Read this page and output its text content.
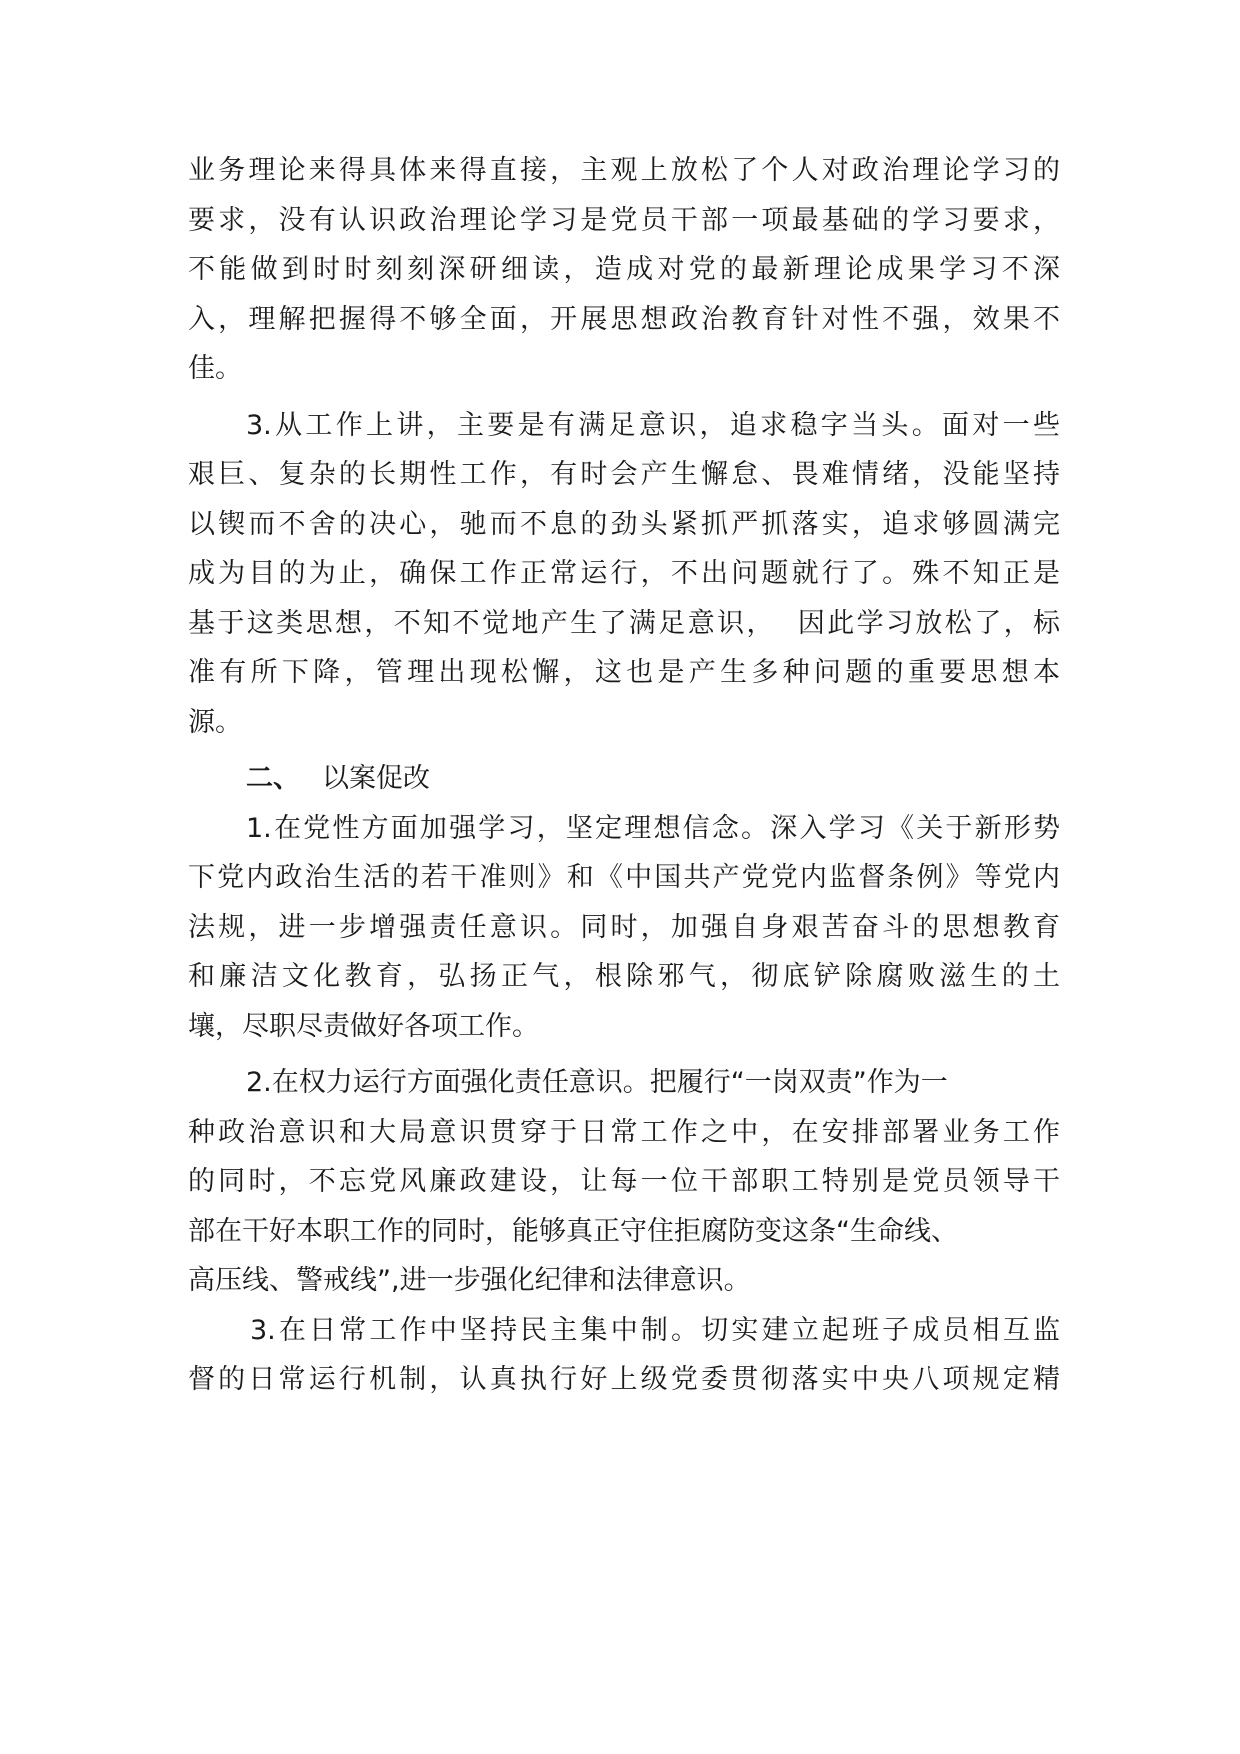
业务理论来得具体来得直接，主观上放松了个人对政治理论学习的
要求，没有认识政治理论学习是党员干部一项最基础的学习要求，
不能做到时时刻刻深研细读，造成对党的最新理论成果学习不深
入，理解把握得不够全面，开展思想政治教育针对性不强，效果不
佳。
3.从工作上讲，主要是有满足意识，追求稳字当头。面对一些
艰巨、复杂的长期性工作，有时会产生懈怠、畏难情绪，没能坚持
以锲而不舍的决心，驰而不息的劲头紧抓严抓落实，追求够圆满完
成为目的为止，确保工作正常运行，不出问题就行了。殊不知正是
基于这类思想，不知不觉地产生了满足意识，  因此学习放松了，标
准有所下降，管理出现松懈，这也是产生多种问题的重要思想本
源。
二、 以案促改
1.在党性方面加强学习，坚定理想信念。深入学习《关于新形势
下党内政治生活的若干准则》和《中国共产党党内监督条例》等党内
法规，进一步增强责任意识。同时，加强自身艰苦奋斗的思想教育
和廉洁文化教育，弘扬正气，根除邪气，彻底铲除腐败滋生的土
壤，尽职尽责做好各项工作。
2.在权力运行方面强化责任意识。把履行“一岗双责”作为一
种政治意识和大局意识贯穿于日常工作之中，在安排部署业务工作
的同时，不忘党风廉政建设，让每一位干部职工特别是党员领导干
部在干好本职工作的同时，能够真正守住拒腐防变这条“生命线、
高压线、警戒线”,进一步强化纪律和法律意识。
3.在日常工作中坚持民主集中制。切实建立起班子成员相互监
督的日常运行机制，认真执行好上级党委贯彻落实中央八项规定精
